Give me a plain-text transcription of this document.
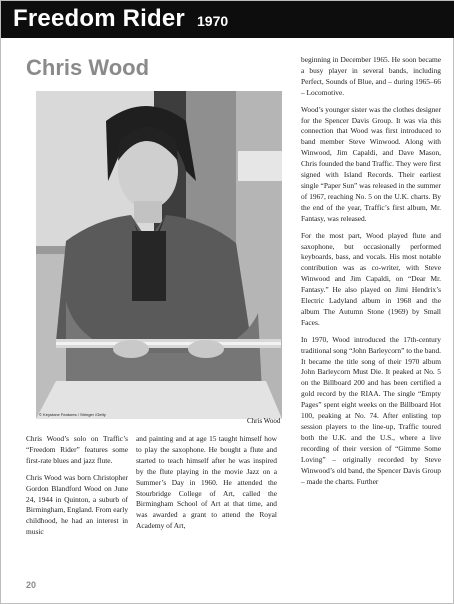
Freedom Rider 1970
Chris Wood
© Keystone Features / Stringer /Getty
Chris Wood

Chris Wood’s solo on Traffic’s “Freedom Rider” features some first-rate blues and jazz flute.

Chris Wood was born Christopher Gordon Blandford Wood on June 24, 1944 in Quinton, a suburb of Birmingham, England. From early childhood, he had an interest in music

and painting and at age 15 taught himself how to play the saxophone. He bought a flute and started to teach himself after he was inspired by the flute playing in the movie Jazz on a Summer’s Day in 1960. He attended the Stourbridge College of Art, called the Birmingham School of Art at that time, and was awarded a grant to attend the Royal Academy of Art,

beginning in December 1965. He soon became a busy player in several bands, including Perfect, Sounds of Blue, and – during 1965–66 – Locomotive.

Wood’s younger sister was the clothes designer for the Spencer Davis Group. It was via this connection that Wood was first introduced to band member Steve Winwood. Along with Winwood, Jim Capaldi, and Dave Mason, Chris founded the band Traffic. They were first signed with Island Records. Their earliest single “Paper Sun” was released in the summer of 1967, reaching No. 5 on the U.K. charts. By the end of the year, Traffic’s first album, Mr. Fantasy, was released.

For the most part, Wood played flute and saxophone, but occasionally performed keyboards, bass, and vocals. His most notable contribution was as co-writer, with Steve Winwood and Jim Capaldi, on “Dear Mr. Fantasy.” He also played on Jimi Hendrix’s Electric Ladyland album in 1968 and the album The Autumn Stone (1969) by Small Faces.

In 1970, Wood introduced the 17th-century traditional song “John Barleycorn” to the band. It became the title song of their 1970 album John Barleycorn Must Die. It peaked at No. 5 on the Billboard 200 and has been certified a gold record by the RIAA. The single “Empty Pages” spent eight weeks on the Billboard Hot 100, peaking at No. 74. After enlisting top session players to the line-up, Traffic toured both the U.K. and the U.S., where a live recording of their version of “Gimme Some Loving” – originally recorded by Steve Winwood’s old band, the Spencer Davis Group – made the charts. Further

20
